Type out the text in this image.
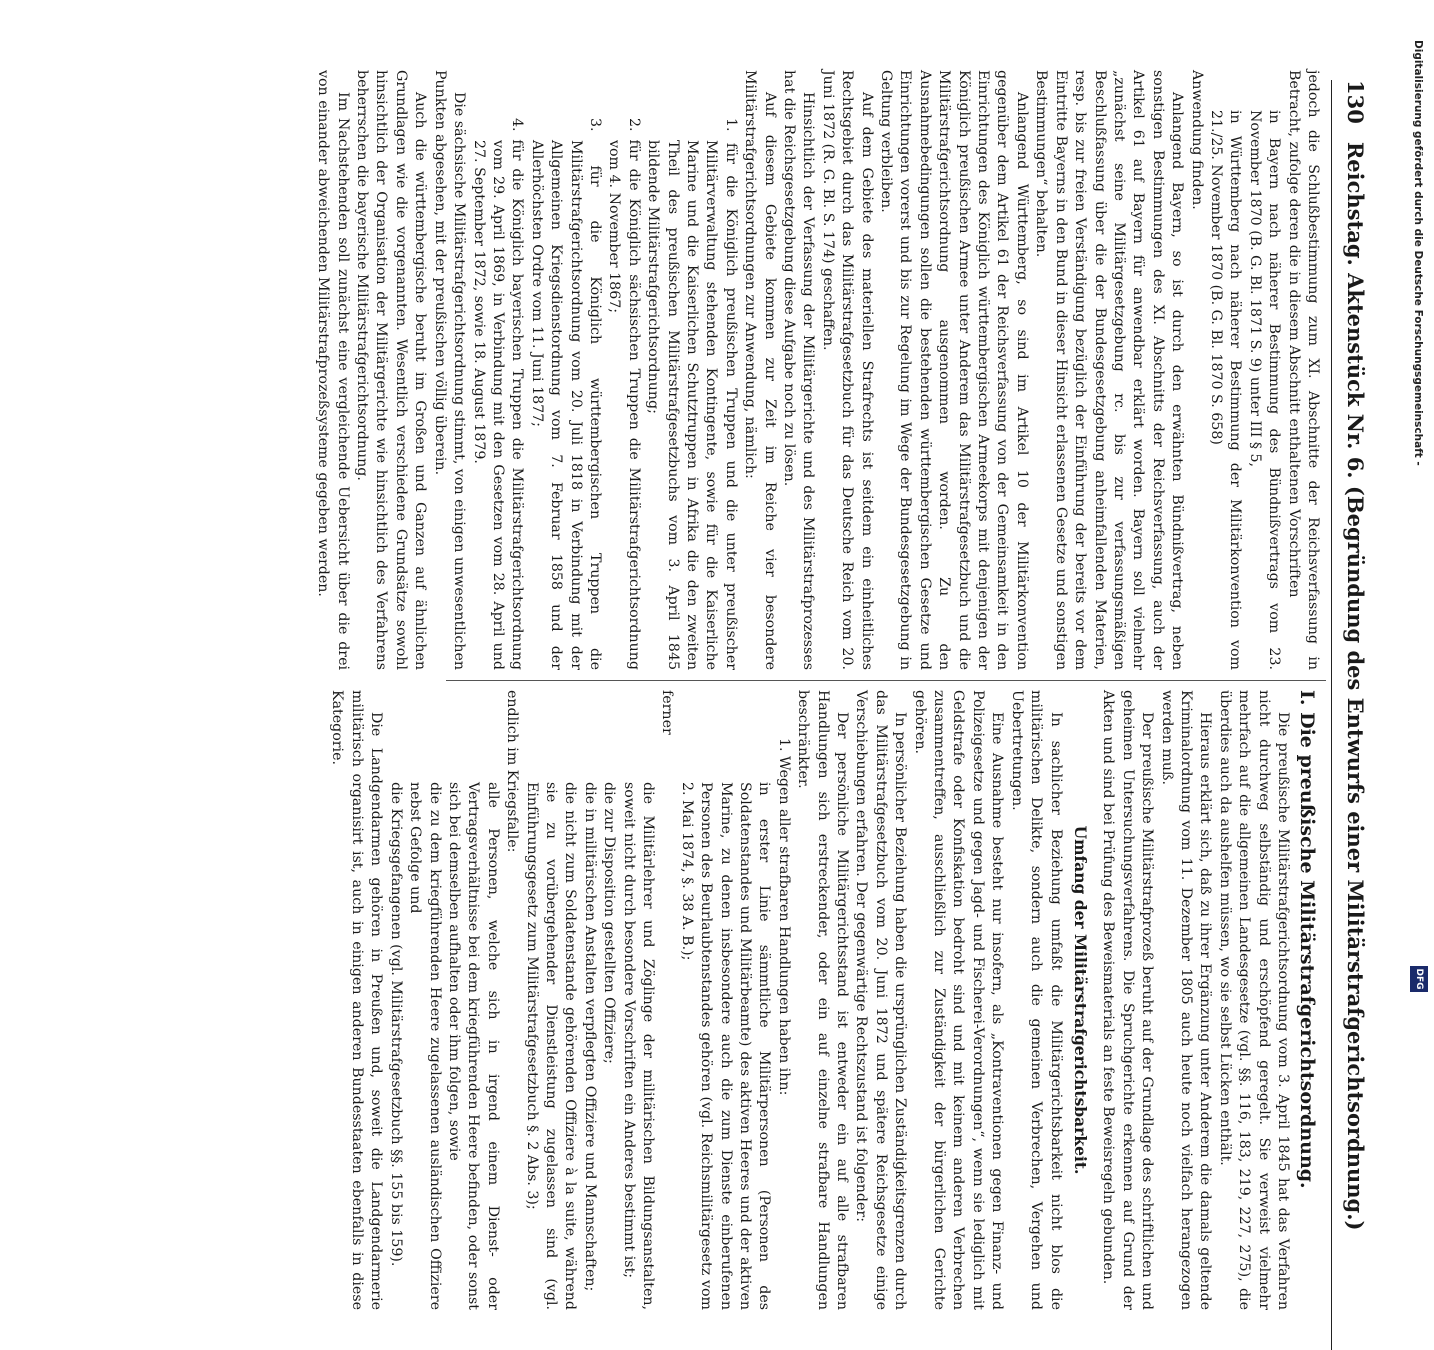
130
Reichstag. Aktenstück Nr. 6. (Begründung des Entwurfs einer Militärstrafgerichtsordnung.)

jedoch die Schlußbestimmung zum XI. Abschnitte der Reichsverfassung in Betracht, zufolge deren die in diesem Abschnitt enthaltenen Vorschriften

in Bayern nach näherer Bestimmung des Bündnißvertrags vom 23. November 1870 (B. G. Bl. 1871 S. 9) unter III § 5,

in Württemberg nach näherer Bestimmung der Militärkonvention vom 21./25. November 1870 (B. G. Bl. 1870 S. 658)

Anwendung finden.

Anlangend Bayern, so ist durch den erwähnten Bündnißvertrag, neben sonstigen Bestimmungen des XI. Abschnitts der Reichsverfassung, auch der Artikel 61 auf Bayern für anwendbar erklärt worden. Bayern soll vielmehr „zunächst seine Militärgesetzgebung rc. bis zur verfassungsmäßigen Beschlußfassung über die der Bundesgesetzgebung anheimfallenden Materien, resp. bis zur freien Verständigung bezüglich der Einführung der bereits vor dem Eintritte Bayerns in den Bund in dieser Hinsicht erlassenen Gesetze und sonstigen Bestimmungen“ behalten.

Anlangend Württemberg, so sind im Artikel 10 der Militärkonvention gegenüber dem Artikel 61 der Reichsverfassung von der Gemeinsamkeit in den Einrichtungen des Königlich württembergischen Armeekorps mit denjenigen der Königlich preußischen Armee unter Anderem das Militärstrafgesetzbuch und die Militärstrafgerichtsordnung ausgenommen worden. Zu den Ausnahmebedingungen sollen die bestehenden württembergischen Gesetze und Einrichtungen vorerst und bis zur Regelung im Wege der Bundesgesetzgebung in Geltung verbleiben.

Auf dem Gebiete des materiellen Strafrechts ist seitdem ein einheitliches Rechtsgebiet durch das Militärstrafgesetzbuch für das Deutsche Reich vom 20. Juni 1872 (R. G. Bl. S. 174) geschaffen.

Hinsichtlich der Verfassung der Militärgerichte und des Militärstrafprozesses hat die Reichsgesetzgebung diese Aufgabe noch zu lösen.

Auf diesem Gebiete kommen zur Zeit im Reiche vier besondere Militärstrafgerichtsordnungen zur Anwendung, nämlich:

1. für die Königlich preußischen Truppen und die unter preußischer Militärverwaltung stehenden Kontingente, sowie für die Kaiserliche Marine und die Kaiserlichen Schutztruppen in Afrika die den zweiten Theil des preußischen Militärstrafgesetzbuchs vom 3. April 1845 bildende Militärstrafgerichtsordnung;

2. für die Königlich sächsischen Truppen die Militärstrafgerichtsordnung vom 4. November 1867;

3. für die Königlich württembergischen Truppen die Militärstrafgerichtsordnung vom 20. Juli 1818 in Verbindung mit der Allgemeinen Kriegsdienstordnung vom 7. Februar 1858 und der Allerhöchsten Ordre vom 11. Juni 1877;

4. für die Königlich bayerischen Truppen die Militärstrafgerichtsordnung vom 29. April 1869, in Verbindung mit den Gesetzen vom 28. April und 27. September 1872, sowie 18. August 1879.

Die sächsische Militärstrafgerichtsordnung stimmt, von einigen unwesentlichen Punkten abgesehen, mit der preußischen völlig überein.

Auch die württembergische beruht im Großen und Ganzen auf ähnlichen Grundlagen wie die vorgenannten. Wesentlich verschiedene Grundsätze sowohl hinsichtlich der Organisation der Militärgerichte wie hinsichtlich des Verfahrens beherrschen die bayerische Militärstrafgerichtsordnung.

Im Nachstehenden soll zunächst eine vergleichende Uebersicht über die drei von einander abweichenden Militärstrafprozeßsysteme gegeben werden.

I. Die preußische Militärstrafgerichtsordnung.

Die preußische Militärstrafgerichtsordnung vom 3. April 1845 hat das Verfahren nicht durchweg selbständig und erschöpfend geregelt. Sie verweist vielmehr mehrfach auf die allgemeinen Landesgesetze (vgl. §§. 116, 183, 219, 227, 275), die überdies auch da aushelfen müssen, wo sie selbst Lücken enthält.

Hieraus erklärt sich, daß zu ihrer Ergänzung unter Anderem die damals geltende Kriminalordnung vom 11. Dezember 1805 auch heute noch vielfach herangezogen werden muß.

Der preußische Militärstrafprozeß beruht auf der Grundlage des schriftlichen und geheimen Untersuchungsverfahrens. Die Spruchgerichte erkennen auf Grund der Akten und sind bei Prüfung des Beweismaterials an feste Beweisregeln gebunden.

Umfang der Militärstrafgerichtsbarkeit.

In sachlicher Beziehung umfaßt die Militärgerichtsbarkeit nicht blos die militärischen Delikte, sondern auch die gemeinen Verbrechen, Vergehen und Uebertretungen.

Eine Ausnahme besteht nur insofern, als „Kontraventionen gegen Finanz- und Polizeigesetze und gegen Jagd- und Fischerei-Verordnungen“, wenn sie lediglich mit Geldstrafe oder Konfiskation bedroht sind und mit keinem anderen Verbrechen zusammentreffen, ausschließlich zur Zuständigkeit der bürgerlichen Gerichte gehören.

In persönlicher Beziehung haben die ursprünglichen Zuständigkeitsgrenzen durch das Militärstrafgesetzbuch vom 20. Juni 1872 und spätere Reichsgesetze einige Verschiebungen erfahren. Der gegenwärtige Rechtszustand ist folgender:

Der persönliche Militärgerichtsstand ist entweder ein auf alle strafbaren Handlungen sich erstreckender, oder ein auf einzelne strafbare Handlungen beschränkter.

1. Wegen aller strafbaren Handlungen haben ihn:

in erster Linie sämmtliche Militärpersonen (Personen des Soldatenstandes und Militärbeamte) des aktiven Heeres und der aktiven Marine, zu denen insbesondere auch die zum Dienste einberufenen Personen des Beurlaubtenstandes gehören (vgl. Reichsmilitärgesetz vom 2. Mai 1874, §. 38 A. B.);

ferner

die Militärlehrer und Zöglinge der militärischen Bildungsanstalten, soweit nicht durch besondere Vorschriften ein Anderes bestimmt ist;

die zur Disposition gestellten Offiziere;

die in militärischen Anstalten verpflegten Offiziere und Mannschaften;

die nicht zum Soldatenstande gehörenden Offiziere à la suite, während sie zu vorübergehender Dienstleistung zugelassen sind (vgl. Einführungsgesetz zum Militärstrafgesetzbuch §. 2 Abs. 3);

endlich im Kriegsfalle:

alle Personen, welche sich in irgend einem Dienst- oder Vertragsverhältnisse bei dem kriegführenden Heere befinden, oder sonst sich bei demselben aufhalten oder ihm folgen, sowie

die zu dem kriegführenden Heere zugelassenen ausländischen Offiziere nebst Gefolge und

die Kriegsgefangenen (vgl. Militärstrafgesetzbuch §§. 155 bis 159).

Die Landgendarmen gehören in Preußen und, soweit die Landgendarmerie militärisch organisirt ist, auch in einigen anderen Bundesstaaten ebenfalls in diese Kategorie.

Digitalisierung gefördert durch die Deutsche Forschungsgemeinschaft -
DFG
